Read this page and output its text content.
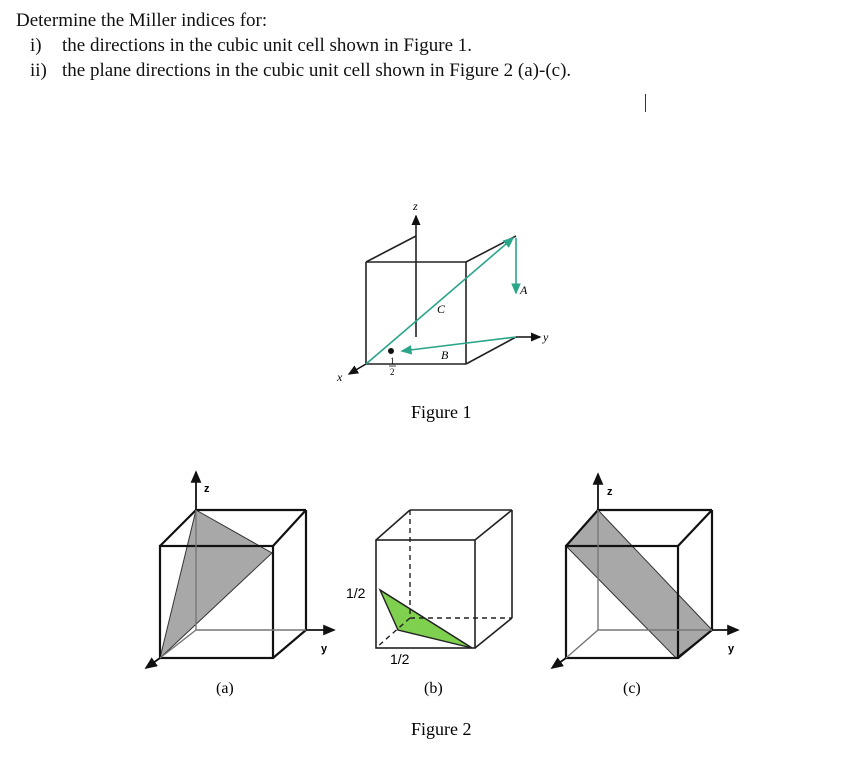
Determine the Miller indices for:
i)	the directions in the cubic unit cell shown in Figure 1.
ii) the plane directions in the cubic unit cell shown in Figure 2 (a)-(c).
z
y
x
A
C
B
1
2
Figure 1
z
y
(a)
1/2
1/2
(b)
z
y
(c)
Figure 2
